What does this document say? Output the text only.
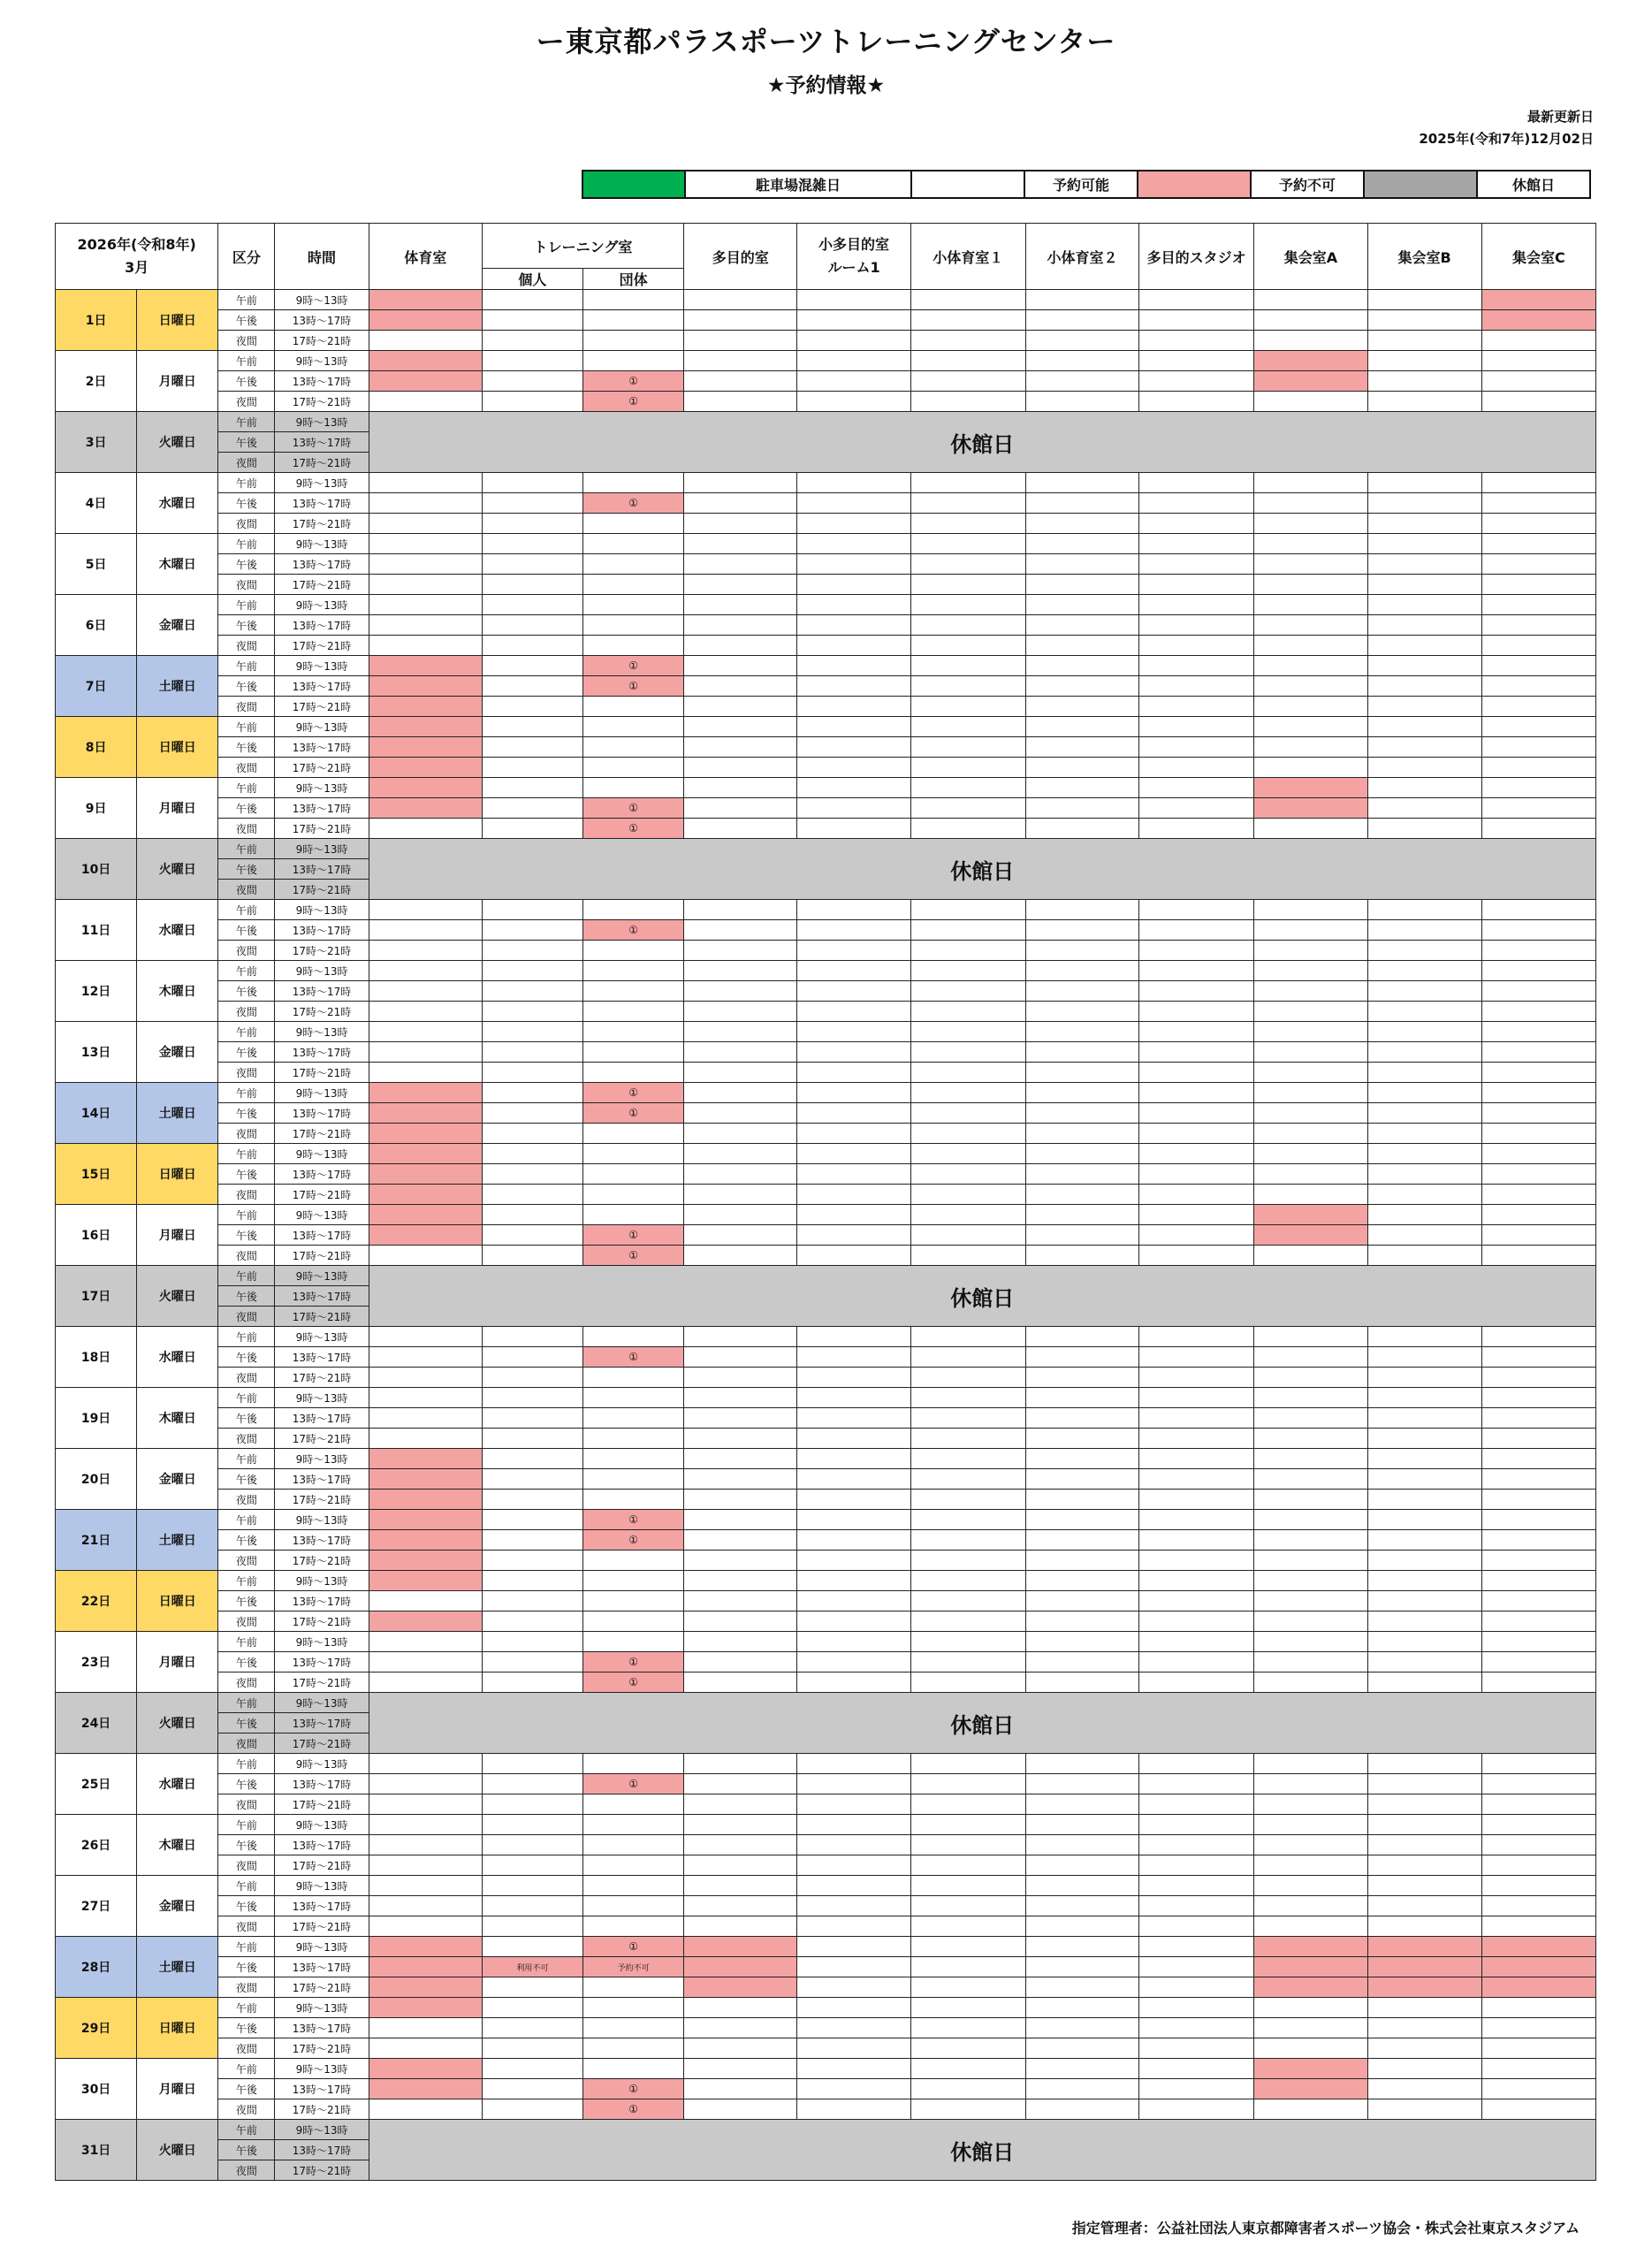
ー東京都パラスポーツトレーニングセンター
★予約情報★
最新更新日
2025年(令和7年)12月02日
	駐車場混雑日		予約可能		予約不可		休館日
2026年(令和8年)
3月		区分	時間	体育室	トレーニング室		多目的室	小多目的室
ルーム1	小体育室１	小体育室２	多目的スタジオ	集会室A	集会室B	集会室C
					個人	団体								
1日	日曜日	午前	9時～13時											
		午後	13時～17時											
		夜間	17時～21時											
2日	月曜日	午前	9時～13時											
		午後	13時～17時			①								
		夜間	17時～21時			①								
3日	火曜日	午前	9時～13時	休館日										
		午後	13時～17時											
		夜間	17時～21時											
4日	水曜日	午前	9時～13時											
		午後	13時～17時			①								
		夜間	17時～21時											
5日	木曜日	午前	9時～13時											
		午後	13時～17時											
		夜間	17時～21時											
6日	金曜日	午前	9時～13時											
		午後	13時～17時											
		夜間	17時～21時											
7日	土曜日	午前	9時～13時			①								
		午後	13時～17時			①								
		夜間	17時～21時											
8日	日曜日	午前	9時～13時											
		午後	13時～17時											
		夜間	17時～21時											
9日	月曜日	午前	9時～13時											
		午後	13時～17時			①								
		夜間	17時～21時			①								
10日	火曜日	午前	9時～13時	休館日										
		午後	13時～17時											
		夜間	17時～21時											
11日	水曜日	午前	9時～13時											
		午後	13時～17時			①								
		夜間	17時～21時											
12日	木曜日	午前	9時～13時											
		午後	13時～17時											
		夜間	17時～21時											
13日	金曜日	午前	9時～13時											
		午後	13時～17時											
		夜間	17時～21時											
14日	土曜日	午前	9時～13時			①								
		午後	13時～17時			①								
		夜間	17時～21時											
15日	日曜日	午前	9時～13時											
		午後	13時～17時											
		夜間	17時～21時											
16日	月曜日	午前	9時～13時											
		午後	13時～17時			①								
		夜間	17時～21時			①								
17日	火曜日	午前	9時～13時	休館日										
		午後	13時～17時											
		夜間	17時～21時											
18日	水曜日	午前	9時～13時											
		午後	13時～17時			①								
		夜間	17時～21時											
19日	木曜日	午前	9時～13時											
		午後	13時～17時											
		夜間	17時～21時											
20日	金曜日	午前	9時～13時											
		午後	13時～17時											
		夜間	17時～21時											
21日	土曜日	午前	9時～13時			①								
		午後	13時～17時			①								
		夜間	17時～21時											
22日	日曜日	午前	9時～13時											
		午後	13時～17時											
		夜間	17時～21時											
23日	月曜日	午前	9時～13時											
		午後	13時～17時			①								
		夜間	17時～21時			①								
24日	火曜日	午前	9時～13時	休館日										
		午後	13時～17時											
		夜間	17時～21時											
25日	水曜日	午前	9時～13時											
		午後	13時～17時			①								
		夜間	17時～21時											
26日	木曜日	午前	9時～13時											
		午後	13時～17時											
		夜間	17時～21時											
27日	金曜日	午前	9時～13時											
		午後	13時～17時											
		夜間	17時～21時											
28日	土曜日	午前	9時～13時			①								
		午後	13時～17時		利用不可	予約不可								
		夜間	17時～21時											
29日	日曜日	午前	9時～13時											
		午後	13時～17時											
		夜間	17時～21時											
30日	月曜日	午前	9時～13時											
		午後	13時～17時			①								
		夜間	17時～21時			①								
31日	火曜日	午前	9時～13時	休館日										
		午後	13時～17時											
		夜間	17時～21時											
指定管理者：公益社団法人東京都障害者スポーツ協会・株式会社東京スタジアム
